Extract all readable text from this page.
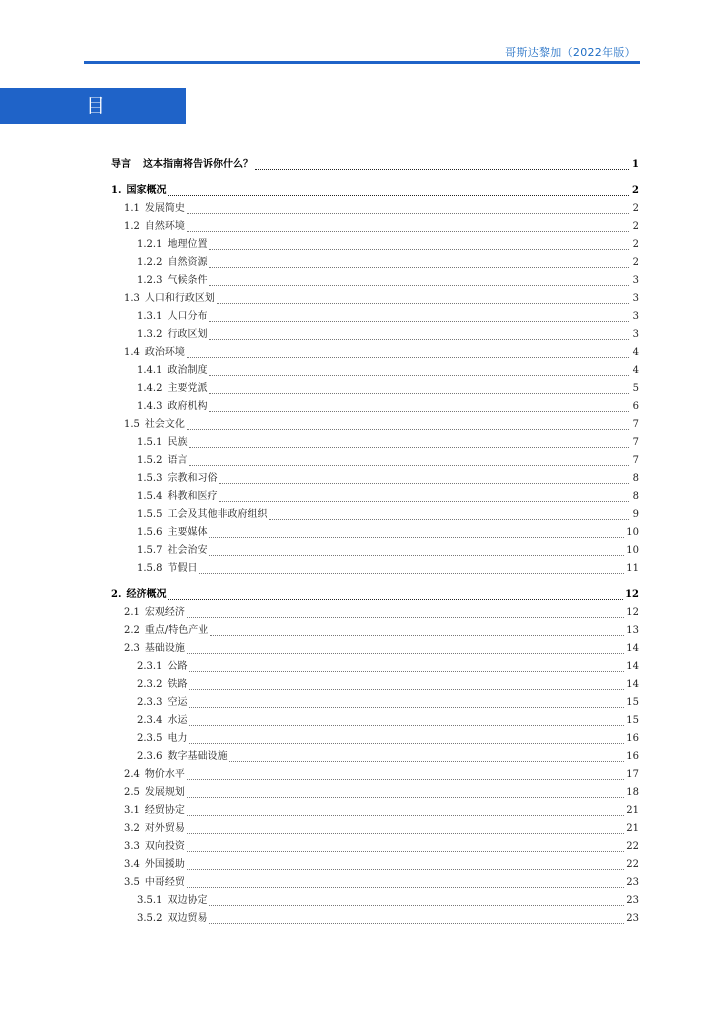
哥斯达黎加（2022年版）
目 录
导言 这本指南将告诉你什么？	1
1. 国家概况	2
1.1 发展简史	2
1.2 自然环境	2
1.2.1 地理位置	2
1.2.2 自然资源	2
1.2.3 气候条件	3
1.3 人口和行政区划	3
1.3.1 人口分布	3
1.3.2 行政区划	3
1.4 政治环境	4
1.4.1 政治制度	4
1.4.2 主要党派	5
1.4.3 政府机构	6
1.5 社会文化	7
1.5.1 民族	7
1.5.2 语言	7
1.5.3 宗教和习俗	8
1.5.4 科教和医疗	8
1.5.5 工会及其他非政府组织	9
1.5.6 主要媒体	10
1.5.7 社会治安	10
1.5.8 节假日	11
2. 经济概况	12
2.1 宏观经济	12
2.2 重点/特色产业	13
2.3 基础设施	14
2.3.1 公路	14
2.3.2 铁路	14
2.3.3 空运	15
2.3.4 水运	15
2.3.5 电力	16
2.3.6 数字基础设施	16
2.4 物价水平	17
2.5 发展规划	18
3.1 经贸协定	21
3.2 对外贸易	21
3.3 双向投资	22
3.4 外国援助	22
3.5 中哥经贸	23
3.5.1 双边协定	23
3.5.2 双边贸易	23
